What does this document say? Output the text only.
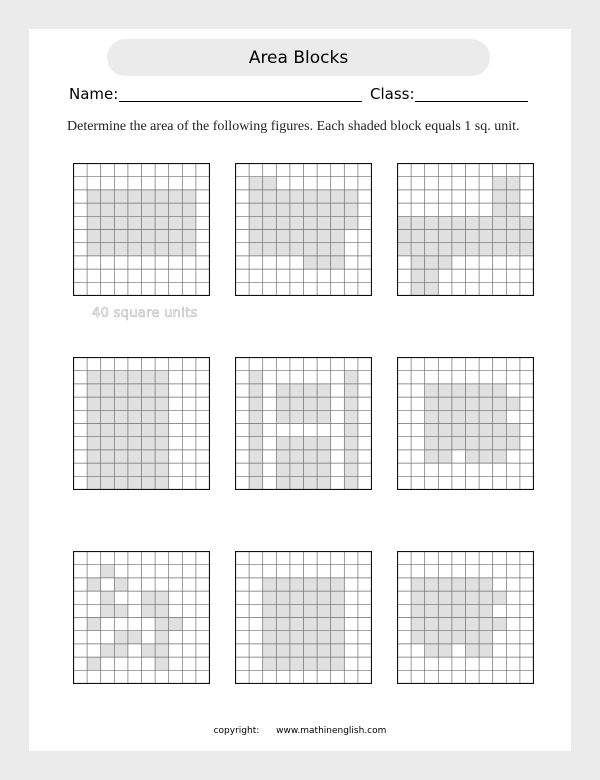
Area Blocks
Name:	Class:
Determine the area of the following figures. Each shaded block equals 1 sq. unit.
40 square units
copyright: www.mathinenglish.com
